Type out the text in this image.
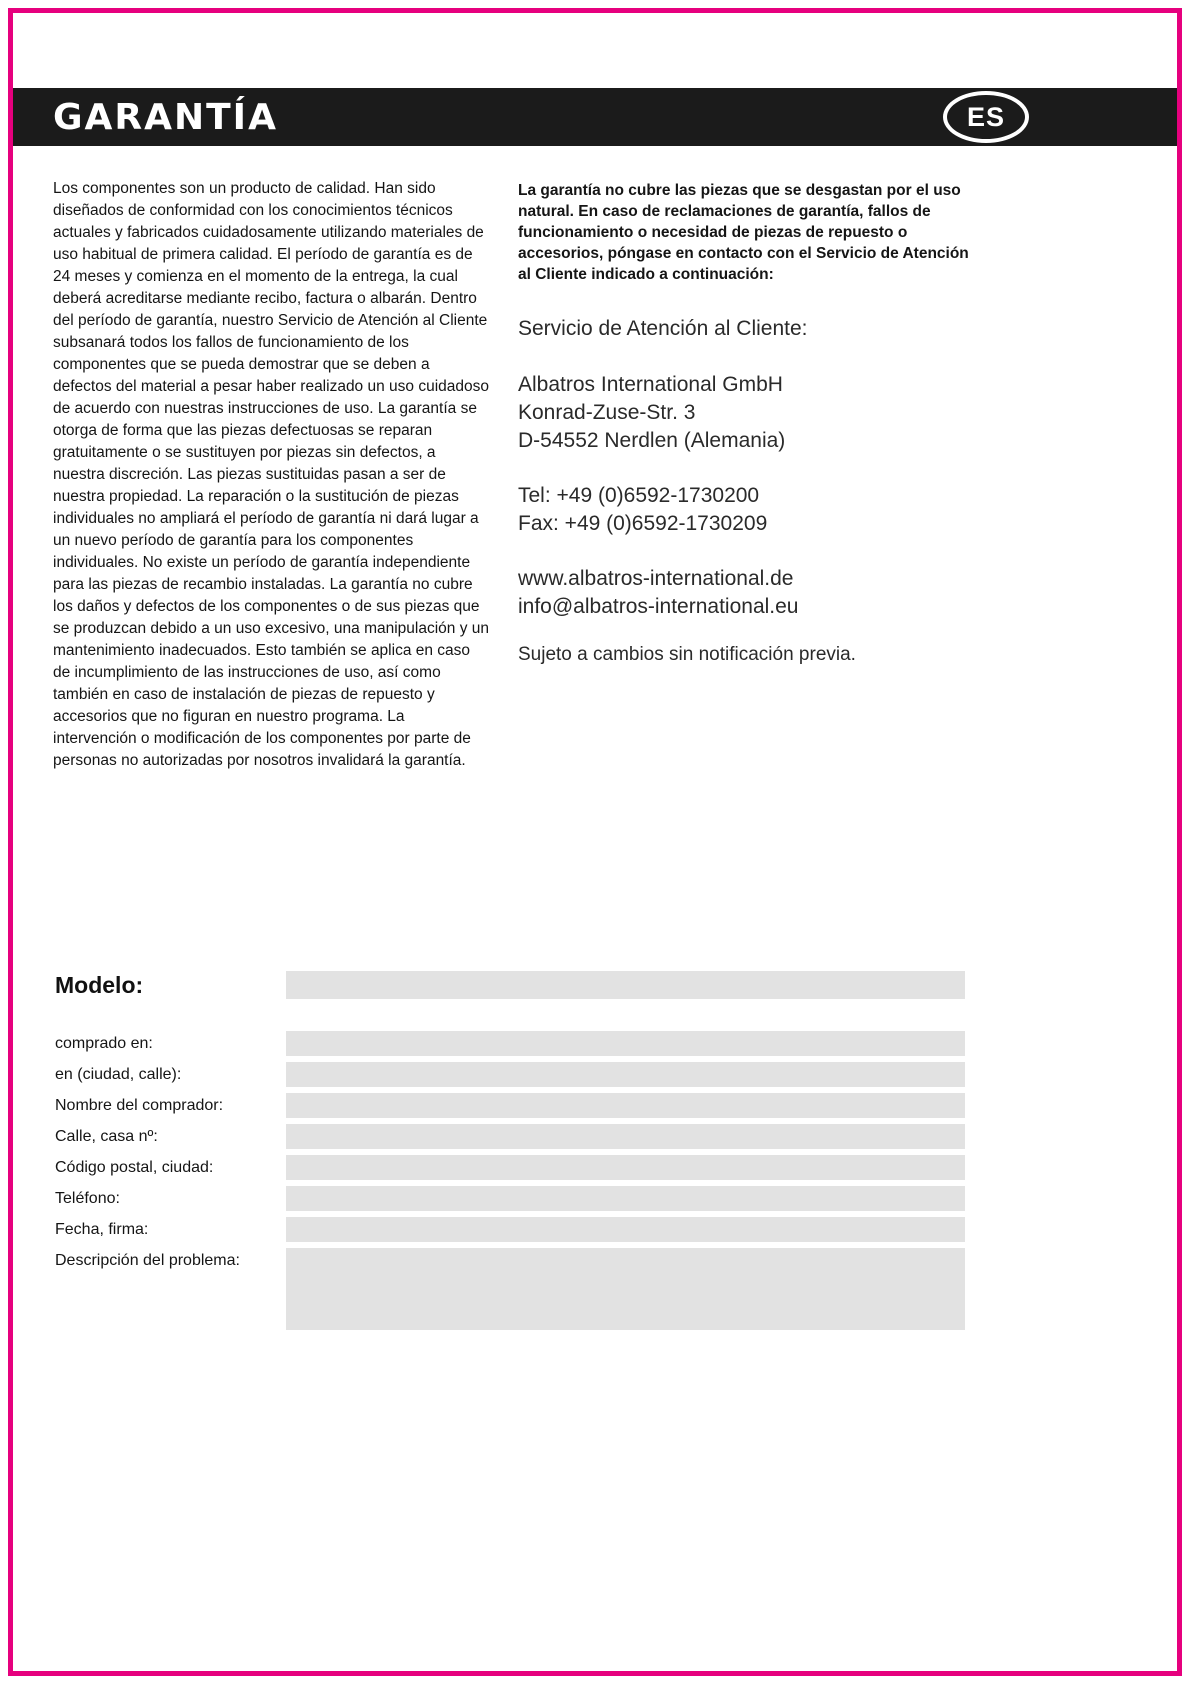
GARANTÍA	ES
Los componentes son un producto de calidad. Han sido diseñados de conformidad con los conocimientos técnicos actuales y fabricados cuidadosamente utilizando materiales de uso habitual de primera calidad. El período de garantía es de 24 meses y comienza en el momento de la entrega, la cual deberá acreditarse mediante recibo, factura o albarán. Dentro del período de garantía, nuestro Servicio de Atención al Cliente subsanará todos los fallos de funcionamiento de los componentes que se pueda demostrar que se deben a defectos del material a pesar haber realizado un uso cuidadoso de acuerdo con nuestras instrucciones de uso. La garantía se otorga de forma que las piezas defectuosas se reparan gratuitamente o se sustituyen por piezas sin defectos, a nuestra discreción. Las piezas sustituidas pasan a ser de nuestra propiedad. La reparación o la sustitución de piezas individuales no ampliará el período de garantía ni dará lugar a un nuevo período de garantía para los componentes individuales. No existe un período de garantía independiente para las piezas de recambio instaladas. La garantía no cubre los daños y defectos de los componentes o de sus piezas que se produzcan debido a un uso excesivo, una manipulación y un mantenimiento inadecuados. Esto también se aplica en caso de incumplimiento de las instrucciones de uso, así como también en caso de instalación de piezas de repuesto y accesorios que no figuran en nuestro programa. La intervención o modificación de los componentes por parte de personas no autorizadas por nosotros invalidará la garantía.
La garantía no cubre las piezas que se desgastan por el uso natural. En caso de reclamaciones de garantía, fallos de funcionamiento o necesidad de piezas de repuesto o accesorios, póngase en contacto con el Servicio de Atención al Cliente indicado a continuación:
Servicio de Atención al Cliente:
Albatros International GmbH
Konrad-Zuse-Str. 3
D-54552 Nerdlen (Alemania)
Tel: +49 (0)6592-1730200
Fax: +49 (0)6592-1730209
www.albatros-international.de
info@albatros-international.eu
Sujeto a cambios sin notificación previa.
Modelo:
comprado en:
en (ciudad, calle):
Nombre del comprador:
Calle, casa nº:
Código postal, ciudad:
Teléfono:
Fecha, firma:
Descripción del problema:
